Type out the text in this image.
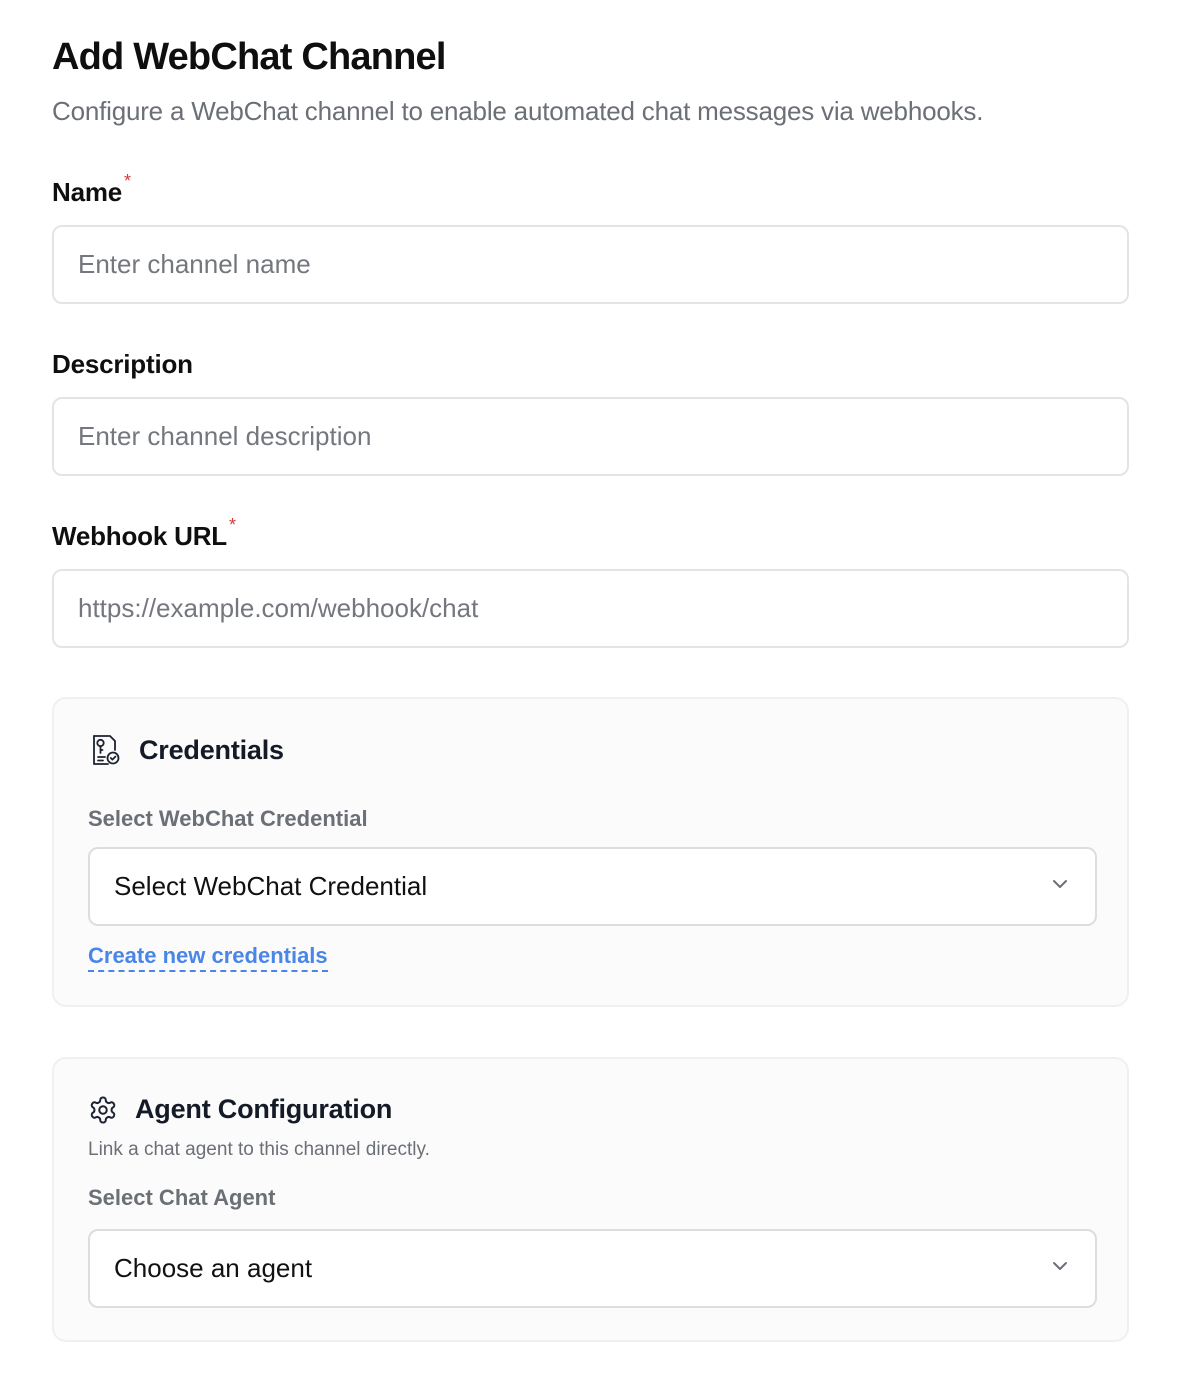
Add WebChat Channel
Configure a WebChat channel to enable automated chat messages via webhooks.
Name *
Enter channel name
Description
Enter channel description
Webhook URL *
https://example.com/webhook/chat
Credentials
Select WebChat Credential
Select WebChat Credential
Create new credentials
Agent Configuration
Link a chat agent to this channel directly.
Select Chat Agent
Choose an agent
